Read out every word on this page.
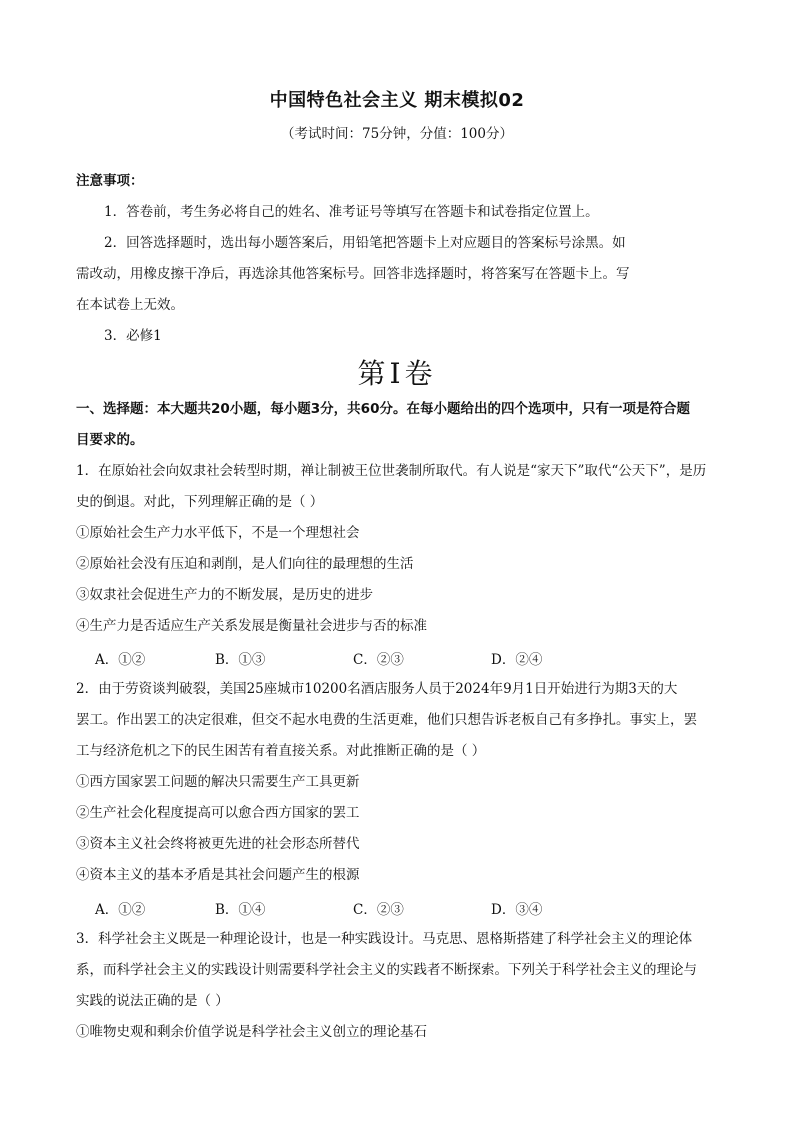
中国特色社会主义 期末模拟02
（考试时间：75分钟，分值：100分）
注意事项：
1．答卷前，考生务必将自己的姓名、准考证号等填写在答题卡和试卷指定位置上。
2．回答选择题时，选出每小题答案后，用铅笔把答题卡上对应题目的答案标号涂黑。如
需改动，用橡皮擦干净后，再选涂其他答案标号。回答非选择题时，将答案写在答题卡上。写
在本试卷上无效。
3．必修1
第Ⅰ卷
一、选择题：本大题共20小题，每小题3分，共60分。在每小题给出的四个选项中，只有一项是符合题
目要求的。
1．在原始社会向奴隶社会转型时期，禅让制被王位世袭制所取代。有人说是“家天下”取代“公天下”，是历
史的倒退。对此，下列理解正确的是（ ）
①原始社会生产力水平低下，不是一个理想社会
②原始社会没有压迫和剥削，是人们向往的最理想的生活
③奴隶社会促进生产力的不断发展，是历史的进步
④生产力是否适应生产关系发展是衡量社会进步与否的标准
A．①②	B．①③	C．②③	D．②④
2．由于劳资谈判破裂，美国25座城市10200名酒店服务人员于2024年9月1日开始进行为期3天的大
罢工。作出罢工的决定很难，但交不起水电费的生活更难，他们只想告诉老板自己有多挣扎。事实上，罢
工与经济危机之下的民生困苦有着直接关系。对此推断正确的是（ ）
①西方国家罢工问题的解决只需要生产工具更新
②生产社会化程度提高可以愈合西方国家的罢工
③资本主义社会终将被更先进的社会形态所替代
④资本主义的基本矛盾是其社会问题产生的根源
A．①②	B．①④	C．②③	D．③④
3．科学社会主义既是一种理论设计，也是一种实践设计。马克思、恩格斯搭建了科学社会主义的理论体
系，而科学社会主义的实践设计则需要科学社会主义的实践者不断探索。下列关于科学社会主义的理论与
实践的说法正确的是（ ）
①唯物史观和剩余价值学说是科学社会主义创立的理论基石
